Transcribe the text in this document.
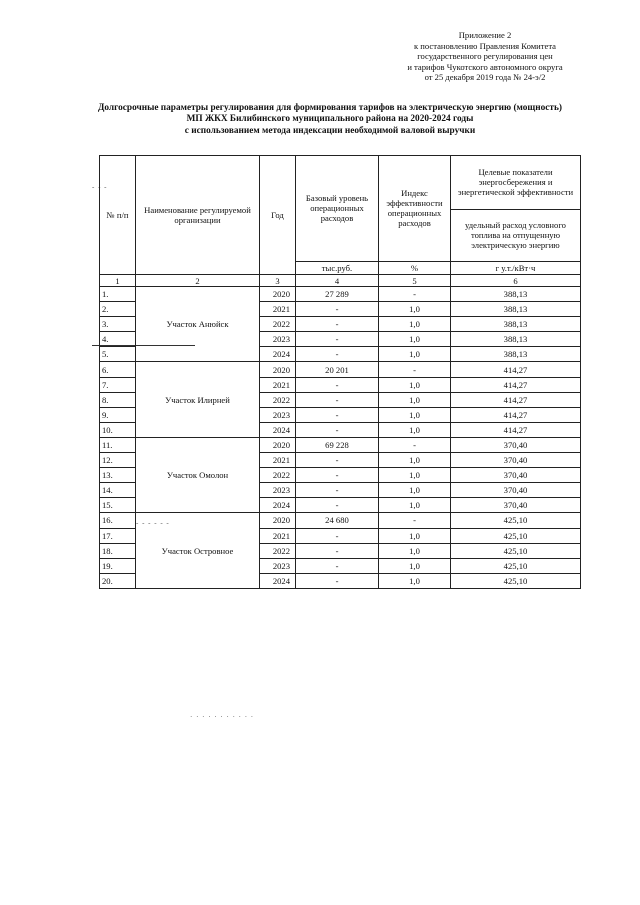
Приложение 2
к постановлению Правления Комитета
государственного регулирования цен
и тарифов Чукотского автономного округа
от 25 декабря 2019 года № 24-э/2
Долгосрочные параметры регулирования для формирования тарифов на электрическую энергию (мощность)
МП ЖКХ Билибинского муниципального района на 2020-2024 годы
с использованием метода индексации необходимой валовой выручки
- - -
- - - - - -
· · · · · · · · · · ·
№ п/п	Наименование регулируемой организации	Год	Базовый уровень операционных расходов	Индекс эффективности операционных расходов	Целевые показатели энергосбережения и энергетической эффективности
					удельный расход условного топлива на отпущенную электрическую энергию
			тыс.руб.	%	г у.т./кВт·ч
1	2	3	4	5	6
1.	Участок Анюйск	2020	27 289	-	388,13
2.		2021	-	1,0	388,13
3.		2022	-	1,0	388,13
4.		2023	-	1,0	388,13
5.		2024	-	1,0	388,13
6.	Участок Илирней	2020	20 201	-	414,27
7.		2021	-	1,0	414,27
8.		2022	-	1,0	414,27
9.		2023	-	1,0	414,27
10.		2024	-	1,0	414,27
11.	Участок Омолон	2020	69 228	-	370,40
12.		2021	-	1,0	370,40
13.		2022	-	1,0	370,40
14.		2023	-	1,0	370,40
15.		2024	-	1,0	370,40
16.	Участок Островное	2020	24 680	-	425,10
17.		2021	-	1,0	425,10
18.		2022	-	1,0	425,10
19.		2023	-	1,0	425,10
20.		2024	-	1,0	425,10
